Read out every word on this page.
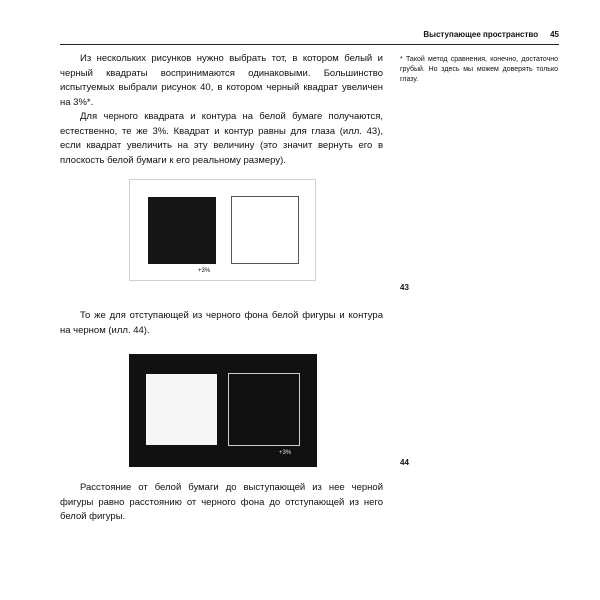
Выступающее пространство 45

Из нескольких рисунков нужно выбрать тот, в котором белый и черный квадраты воспринимаются одинаковыми. Большинство испытуемых выбрали рисунок 40, в котором черный квадрат увеличен на 3%*.

Для черного квадрата и контура на белой бумаге получаются, естественно, те же 3%. Квадрат и контур равны для глаза (илл. 43), если квадрат увеличить на эту величину (это значит вернуть его в плоскость белой бумаги к его реальному размеру).

* Такой метод сравнения, конечно, достаточно грубый. Но здесь мы можем доверять только глазу.
+3%
43

То же для отступающей из черного фона белой фигуры и контура на черном (илл. 44).

+3%
44

Расстояние от белой бумаги до выступающей из нее черной фигуры равно расстоянию от черного фона до отступающей из него белой фигуры.
